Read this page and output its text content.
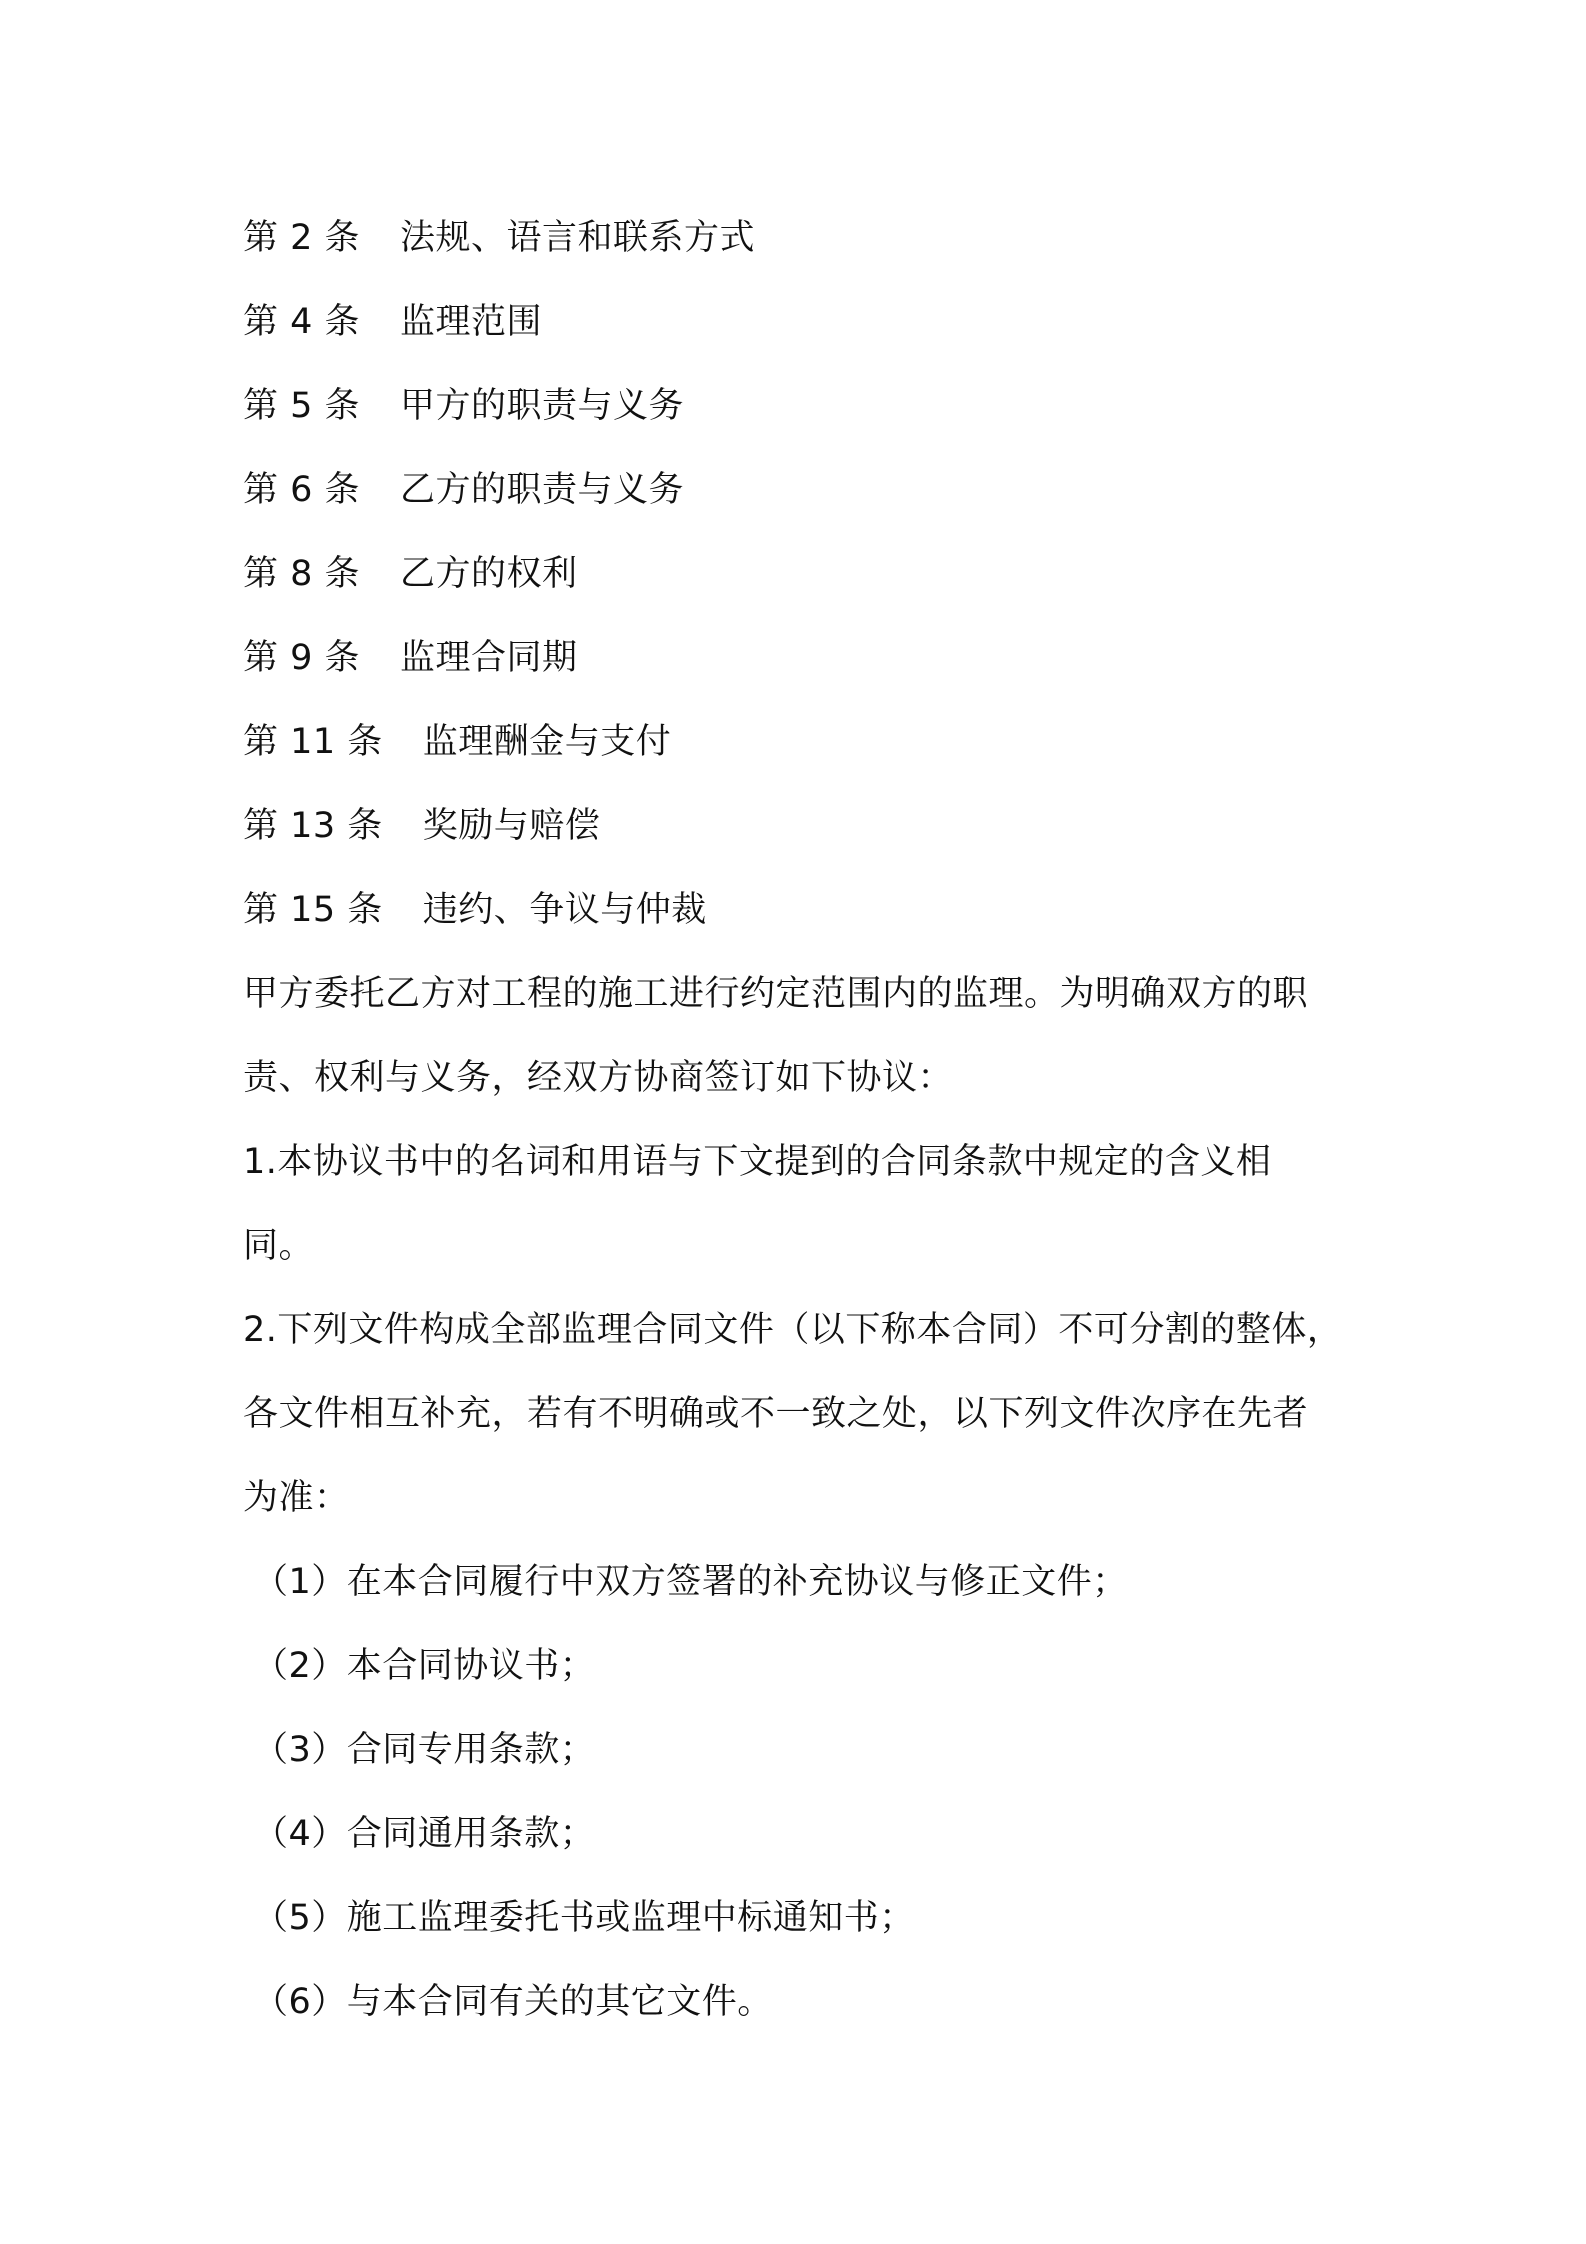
第 2 条 法规、语言和联系方式
第 4 条 监理范围
第 5 条 甲方的职责与义务
第 6 条 乙方的职责与义务
第 8 条 乙方的权利
第 9 条 监理合同期
第 11 条 监理酬金与支付
第 13 条 奖励与赔偿
第 15 条 违约、争议与仲裁
甲方委托乙方对工程的施工进行约定范围内的监理。为明确双方的职
责、权利与义务，经双方协商签订如下协议：
1.本协议书中的名词和用语与下文提到的合同条款中规定的含义相
同。
2.下列文件构成全部监理合同文件（以下称本合同）不可分割的整体，
各文件相互补充，若有不明确或不一致之处，以下列文件次序在先者
为准：
（1）在本合同履行中双方签署的补充协议与修正文件；
（2）本合同协议书；
（3）合同专用条款；
（4）合同通用条款；
（5）施工监理委托书或监理中标通知书；
（6）与本合同有关的其它文件。
